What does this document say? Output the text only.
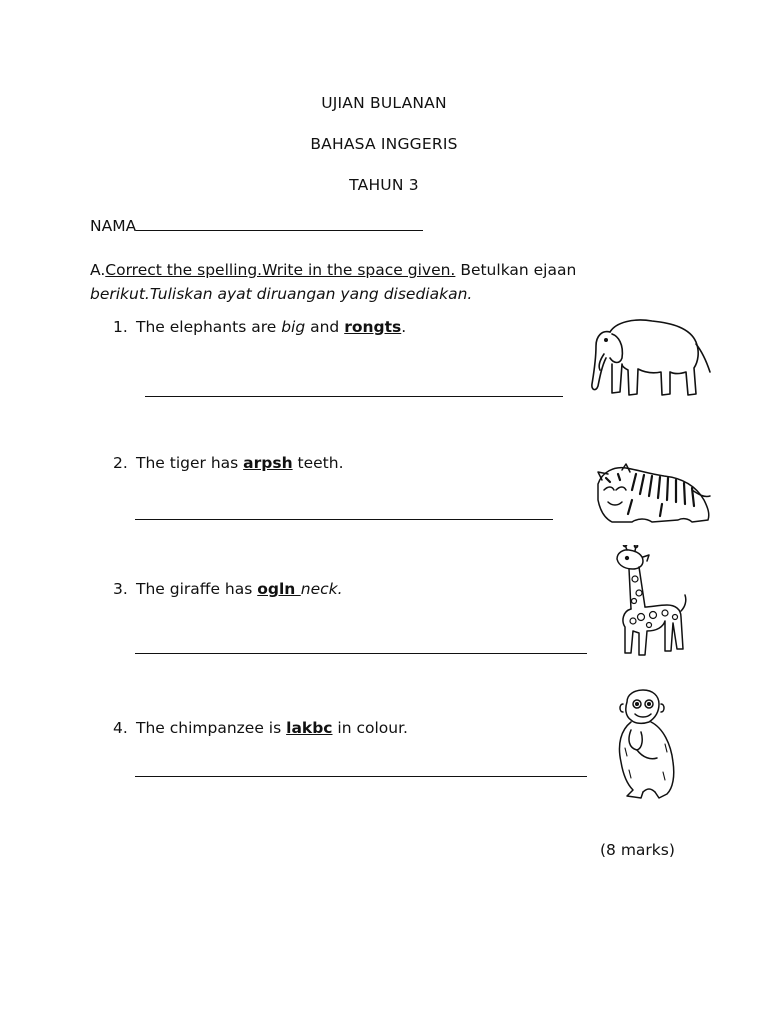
UJIAN BULANAN
BAHASA INGGERIS
TAHUN 3
NAMA
A.Correct the spelling.Write in the space given. Betulkan ejaan
berikut.Tuliskan ayat diruangan yang disediakan.
1. The elephants are big and rongts.
2. The tiger has arpsh teeth.
3. The giraffe has ogln neck.
4. The chimpanzee is lakbc in colour.
(8 marks)
